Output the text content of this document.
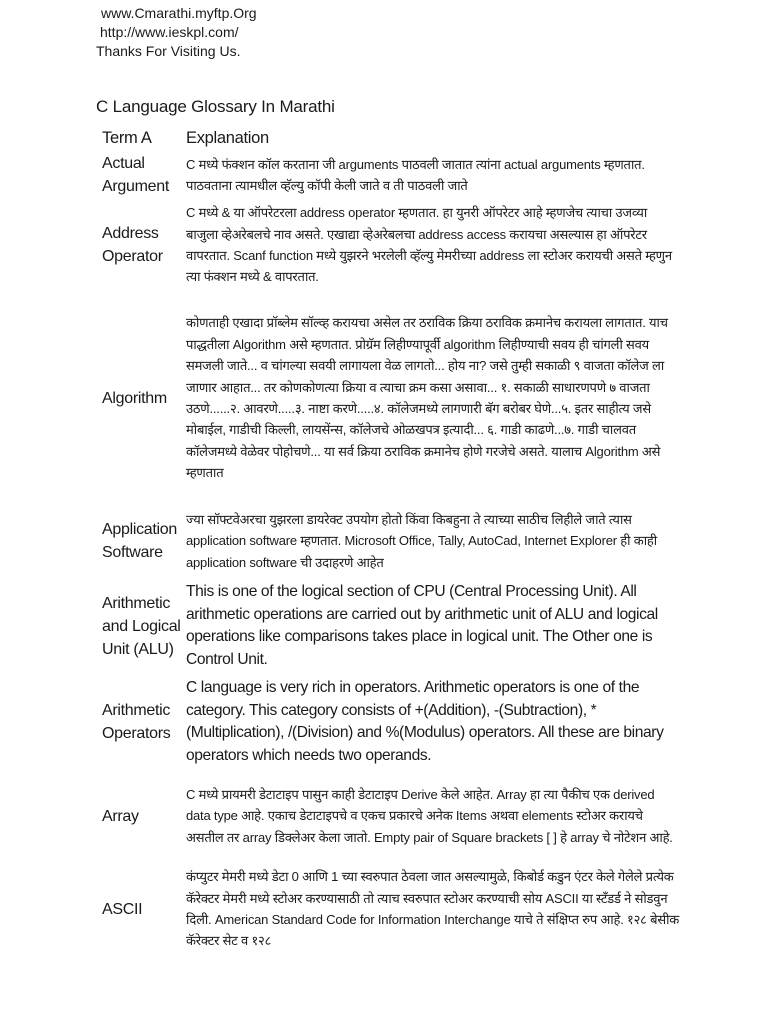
www.Cmarathi.myftp.Org
http://www.ieskpl.com/
Thanks For Visiting Us.
C Language Glossary In Marathi
Term A	Explanation
Actual
Argument
C मध्ये फंक्शन कॉल करताना जी arguments पाठवली जातात त्यांना actual arguments म्हणतात. पाठवताना त्यामधील व्हॅल्यु कॉपी केली जाते व ती पाठवली जाते
Address
Operator
C मध्ये & या ऑपरेटरला address operator म्हणतात. हा युनरी ऑपरेटर आहे म्हणजेच त्याचा उजव्या बाजुला व्हेअरेबलचे नाव असते. एखाद्या व्हेअरेबलचा address access करायचा असल्यास हा ऑपरेटर वापरतात. Scanf function मध्ये युझरने भरलेली व्हॅल्यु मेमरीच्या address ला स्टोअर करायची असते म्हणुन त्या फंक्शन मध्ये & वापरतात.
Algorithm
कोणताही एखादा प्रॉब्लेम सॉल्व्ह करायचा असेल तर ठराविक क्रिया ठराविक क्रमानेच करायला लागतात. याच पाद्धतीला Algorithm असे म्हणतात. प्रोग्रॅम लिहीण्यापूर्वी algorithm लिहीण्याची सवय ही चांगली सवय समजली जाते... व चांगल्या सवयी लागायला वेळ लागतो... होय ना? जसे तुम्ही सकाळी ९ वाजता कॉलेज ला जाणार आहात... तर कोणकोणत्या क्रिया व त्याचा क्रम कसा असावा... १. सकाळी साधारणपणे ७ वाजता उठणे......२. आवरणे.....३. नाष्टा करणे.....४. कॉलेजमध्ये लागणारी बॅग बरोबर घेणे...५. इतर साहीत्य जसे मोबाईल, गाडीची किल्ली, लायसेंन्स, कॉलेजचे ओळखपत्र इत्यादी... ६. गाडी काढणे...७. गाडी चालवत कॉलेजमध्ये वेळेवर पोहोचणे... या सर्व क्रिया ठराविक क्रमानेच होणे गरजेचे असते. यालाच Algorithm असे म्हणतात
Application
Software
ज्या सॉफ्टवेअरचा युझरला डायरेक्ट उपयोग होतो किंवा किबहुना ते त्याच्या साठीच लिहीले जाते त्यास application software म्हणतात. Microsoft Office, Tally, AutoCad, Internet Explorer ही काही application software ची उदाहरणे आहेत
Arithmetic
and Logical
Unit (ALU)
This is one of the logical section of CPU (Central Processing Unit). All arithmetic operations are carried out by arithmetic unit of ALU and logical operations like comparisons takes place in logical unit. The Other one is Control Unit.
Arithmetic
Operators
C language is very rich in operators. Arithmetic operators is one of the category. This category consists of +(Addition), -(Subtraction), *(Multiplication), /(Division) and %(Modulus) operators. All these are binary operators which needs two operands.
Array
C मध्ये प्रायमरी डेटाटाइप पासुन काही डेटाटाइप Derive केले आहेत. Array हा त्या पैकीच एक derived data type आहे. एकाच डेटाटाइपचे व एकच प्रकारचे अनेक Items अथवा elements स्टोअर करायचे असतील तर array डिक्लेअर केला जातो. Empty pair of Square brackets [ ] हे array चे नोटेशन आहे.
ASCII
कंप्युटर मेमरी मध्ये डेटा 0 आणि 1 च्या स्वरुपात ठेवला जात असल्यामुळे, किबोर्ड कडुन एंटर केले गेलेले प्रत्येक कॅरेक्टर मेमरी मध्ये स्टोअर करण्यासाठी तो त्याच स्वरुपात स्टोअर करण्याची सोय ASCII या स्टॅंडर्ड ने सोडवुन दिली. American Standard Code for Information Interchange याचे ते संक्षिप्त रुप आहे. १२८ बेसीक कॅरेक्टर सेट व १२८
